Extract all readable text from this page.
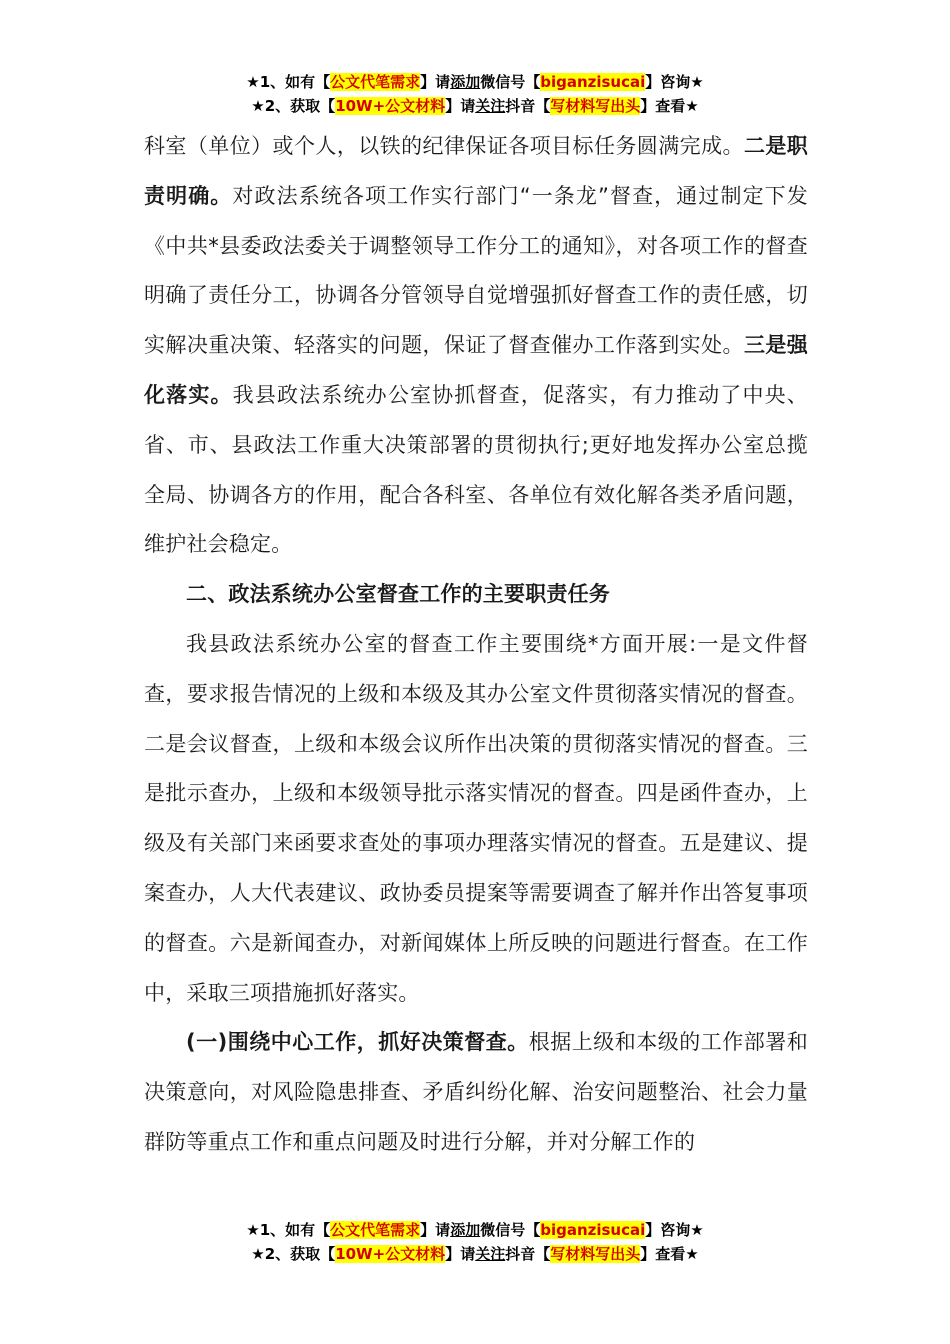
★1、如有【公文代笔需求】请添加微信号【biganzisucai】咨询★
★2、获取【10W+公文材料】请关注抖音【写材料写出头】查看★

科室（单位）或个人，以铁的纪律保证各项目标任务圆满完成。二是职责明确。对政法系统各项工作实行部门“一条龙”督查，通过制定下发《中共*县委政法委关于调整领导工作分工的通知》，对各项工作的督查明确了责任分工，协调各分管领导自觉增强抓好督查工作的责任感，切实解决重决策、轻落实的问题，保证了督查催办工作落到实处。三是强化落实。我县政法系统办公室协抓督查，促落实，有力推动了中央、省、市、县政法工作重大决策部署的贯彻执行;更好地发挥办公室总揽全局、协调各方的作用，配合各科室、各单位有效化解各类矛盾问题，维护社会稳定。

二、政法系统办公室督查工作的主要职责任务

我县政法系统办公室的督查工作主要围绕*方面开展:一是文件督查，要求报告情况的上级和本级及其办公室文件贯彻落实情况的督查。二是会议督查，上级和本级会议所作出决策的贯彻落实情况的督查。三是批示查办，上级和本级领导批示落实情况的督查。四是函件查办，上级及有关部门来函要求查处的事项办理落实情况的督查。五是建议、提案查办，人大代表建议、政协委员提案等需要调查了解并作出答复事项的督查。六是新闻查办，对新闻媒体上所反映的问题进行督查。在工作中，采取三项措施抓好落实。

(一)围绕中心工作，抓好决策督查。根据上级和本级的工作部署和决策意向，对风险隐患排查、矛盾纠纷化解、治安问题整治、社会力量群防等重点工作和重点问题及时进行分解，并对分解工作的

★1、如有【公文代笔需求】请添加微信号【biganzisucai】咨询★
★2、获取【10W+公文材料】请关注抖音【写材料写出头】查看★
